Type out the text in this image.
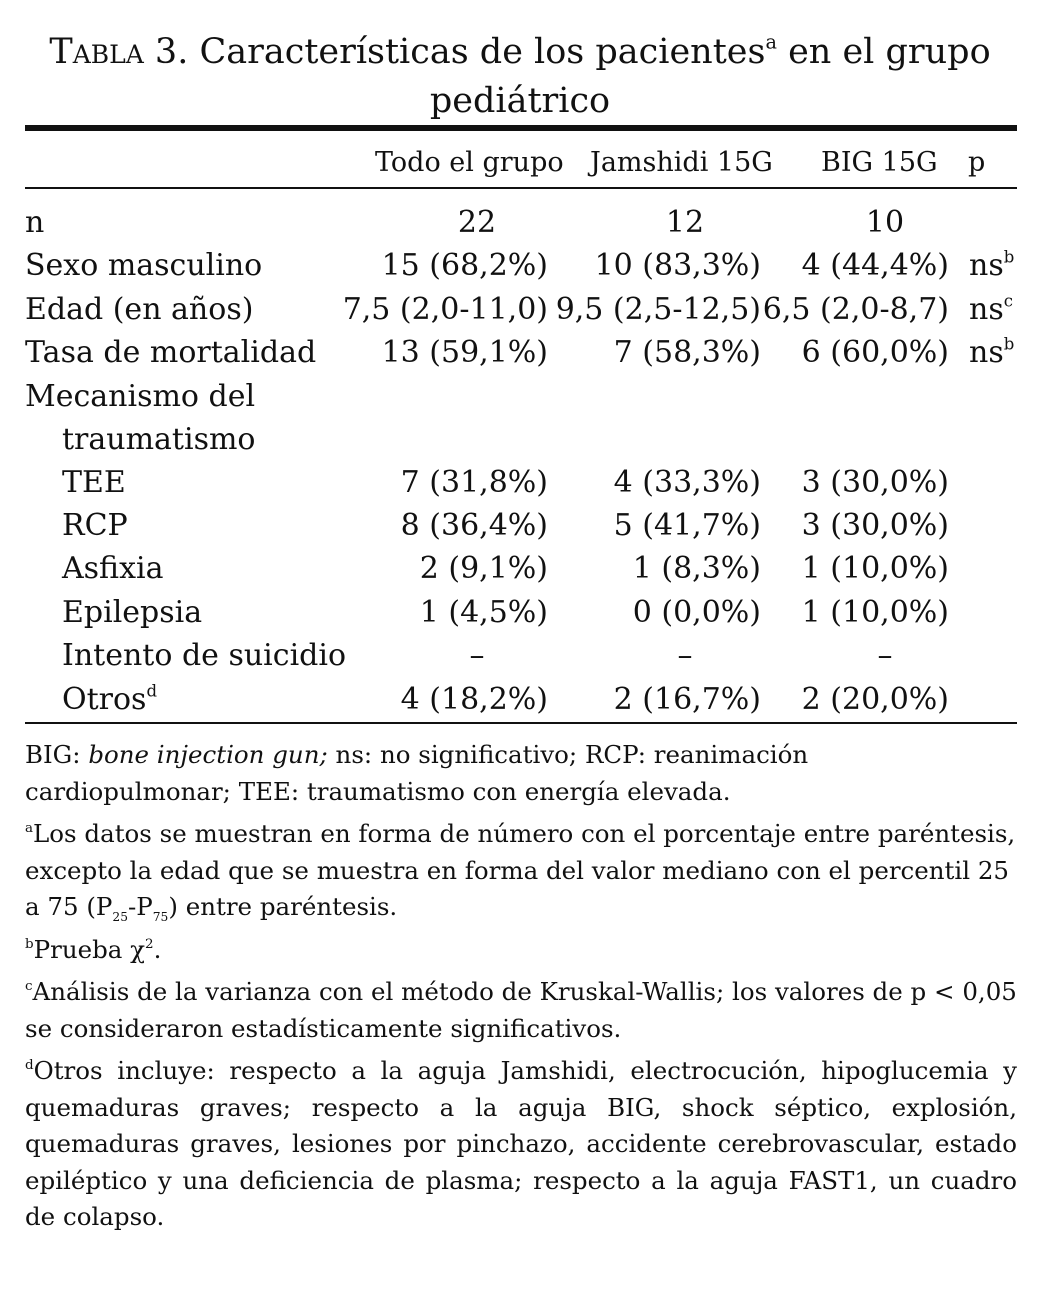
Tabla 3. Características de los pacientes$^a$ en el grupo pediátrico
Todo el grupo Jamshidi 15G BIG 15G p
n	22	12	10
Sexo masculino	15 (68,2%) 10 (83,3%) 4 (44,4%) $ns^b$
Edad (en años)	7,5 (2,0-11,0) 9,5 (2,5-12,5) 6,5 (2,0-8,7) $ns^c$
Tasa de mortalidad 13 (59,1%) 7 (58,3%) 6 (60,0%) $ns^b$
Mecanismo del
traumatismo
TEE	7 (31,8%) 4 (33,3%) 3 (30,0%)
RCP	8 (36,4%) 5 (41,7%) 3 (30,0%)
Asfixia	2 (9,1%)	1 (8,3%) 1 (10,0%)
Epilepsia	1 (4,5%)	0 (0,0%) 1 (10,0%)
Intento de suicidio	–	–	–
Otros$^d$	4 (18,2%) 2 (16,7%) 2 (20,0%)

BIG: bone injection gun; ns: no significativo; RCP: reanimación cardiopulmonar; TEE: traumatismo con energía elevada.

$^a$Los datos se muestran en forma de número con el porcentaje entre paréntesis, excepto la edad que se muestra en forma del valor mediano con el percentil 25 a 75 $(P_{25}-P_{75})$ entre paréntesis.

$^b$Prueba $\chi^2$.

$^c$Análisis de la varianza con el método de Kruskal-Wallis; los valores de p < 0,05 se consideraron estadísticamente significativos.

$^d$Otros incluye: respecto a la aguja Jamshidi, electrocución, hipoglucemia y quemaduras graves; respecto a la aguja BIG, shock séptico, explosión, quemaduras graves, lesiones por pinchazo, accidente cerebrovascular, estado epiléptico y una deficiencia de plasma; respecto a la aguja FAST1, un cuadro de colapso.
